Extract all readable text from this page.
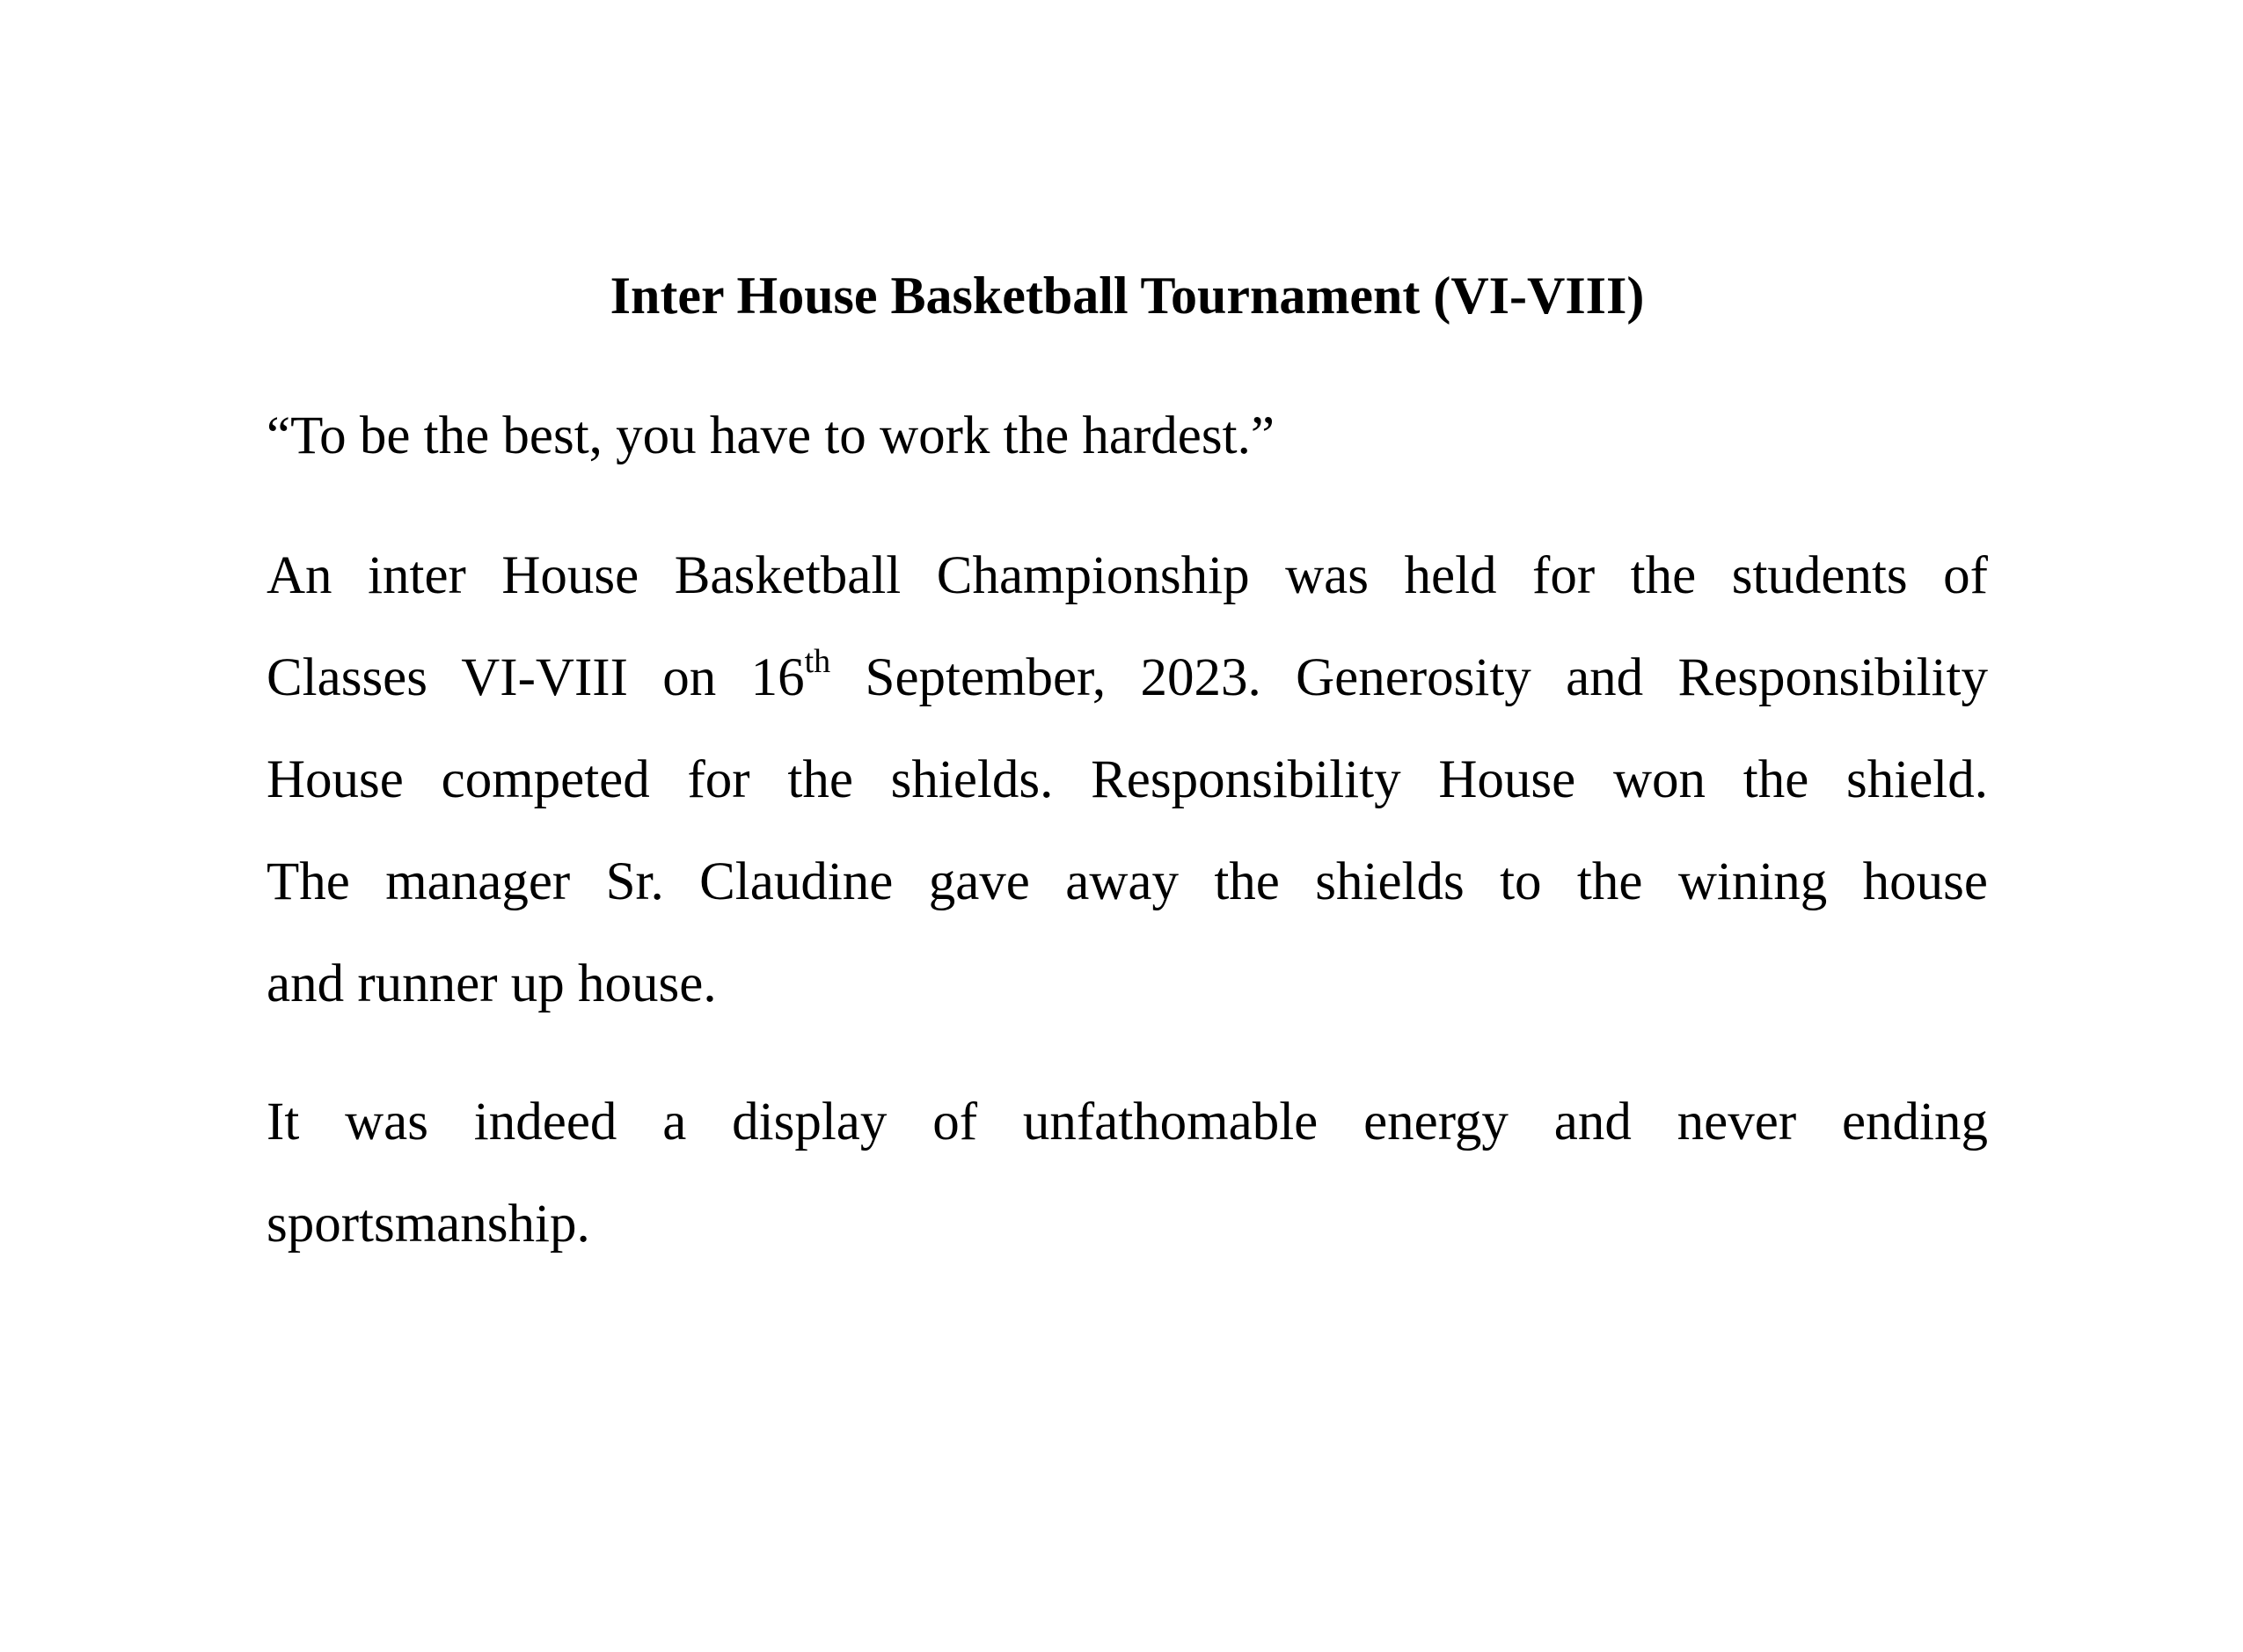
Inter House Basketball Tournament (VI-VIII)

“To be the best, you have to work the hardest.”

An inter House Basketball Championship was held for the students of
Classes VI-VIII on 16th September, 2023. Generosity and Responsibility
House competed for the shields. Responsibility House won the shield.
The manager Sr. Claudine gave away the shields to the wining house
and runner up house.
It was indeed a display of unfathomable energy and never ending
sportsmanship.
